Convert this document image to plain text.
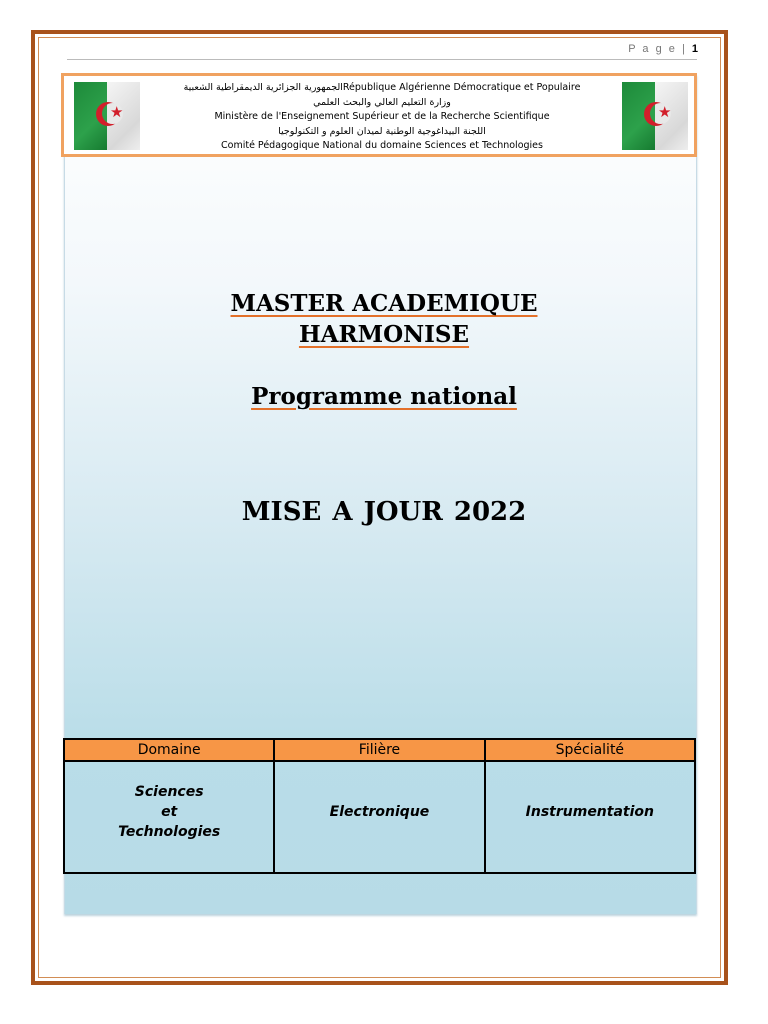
P a g e | 1
★
الجمهورية الجزائرية الديمقراطية الشعبيةRépublique Algérienne Démocratique et Populaire
وزارة التعليم العالي والبحث العلمي
Ministère de l'Enseignement Supérieur et de la Recherche Scientifique
اللجنة البيداغوجية الوطنية لميدان العلوم و التكنولوجيا
Comité Pédagogique National du domaine Sciences et Technologies
★
MASTER ACADEMIQUE
HARMONISE
Programme national
MISE A JOUR 2022
Domaine	Filière	Spécialité

Sciences
et
Technologies	Electronique	Instrumentation
